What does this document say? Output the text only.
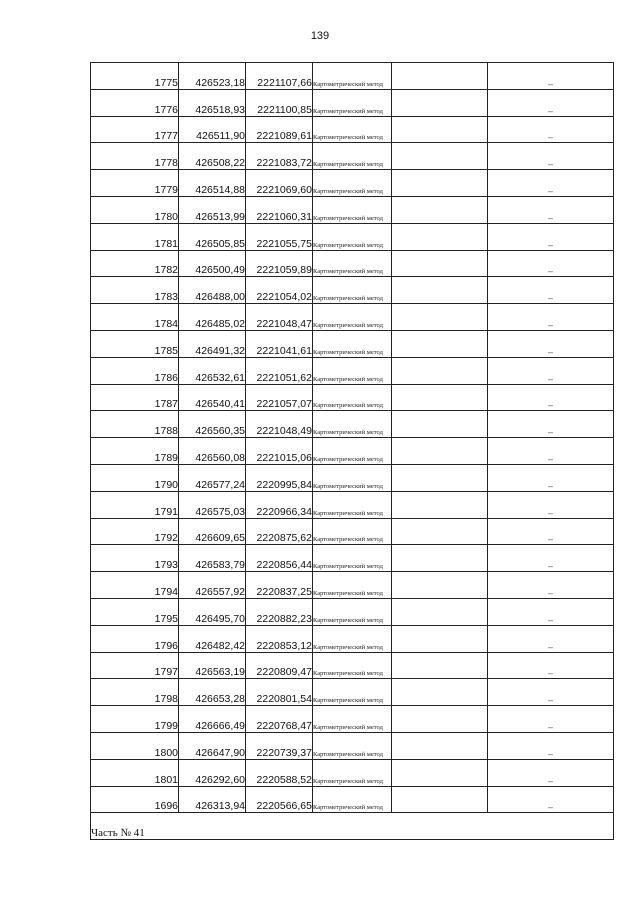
139
1775	426523,18	2221107,66	Картометрический метод		–
1776	426518,93	2221100,85	Картометрический метод		–
1777	426511,90	2221089,61	Картометрический метод		–
1778	426508,22	2221083,72	Картометрический метод		–
1779	426514,88	2221069,60	Картометрический метод		–
1780	426513,99	2221060,31	Картометрический метод		–
1781	426505,85	2221055,75	Картометрический метод		–
1782	426500,49	2221059,89	Картометрический метод		–
1783	426488,00	2221054,02	Картометрический метод		–
1784	426485,02	2221048,47	Картометрический метод		–
1785	426491,32	2221041,61	Картометрический метод		–
1786	426532,61	2221051,62	Картометрический метод		–
1787	426540,41	2221057,07	Картометрический метод		–
1788	426560,35	2221048,49	Картометрический метод		–
1789	426560,08	2221015,06	Картометрический метод		–
1790	426577,24	2220995,84	Картометрический метод		–
1791	426575,03	2220966,34	Картометрический метод		–
1792	426609,65	2220875,62	Картометрический метод		–
1793	426583,79	2220856,44	Картометрический метод		–
1794	426557,92	2220837,25	Картометрический метод		–
1795	426495,70	2220882,23	Картометрический метод		–
1796	426482,42	2220853,12	Картометрический метод		–
1797	426563,19	2220809,47	Картометрический метод		–
1798	426653,28	2220801,54	Картометрический метод		–
1799	426666,49	2220768,47	Картометрический метод		–
1800	426647,90	2220739,37	Картометрический метод		–
1801	426292,60	2220588,52	Картометрический метод		–
1696	426313,94	2220566,65	Картометрический метод		–
Часть № 41					
